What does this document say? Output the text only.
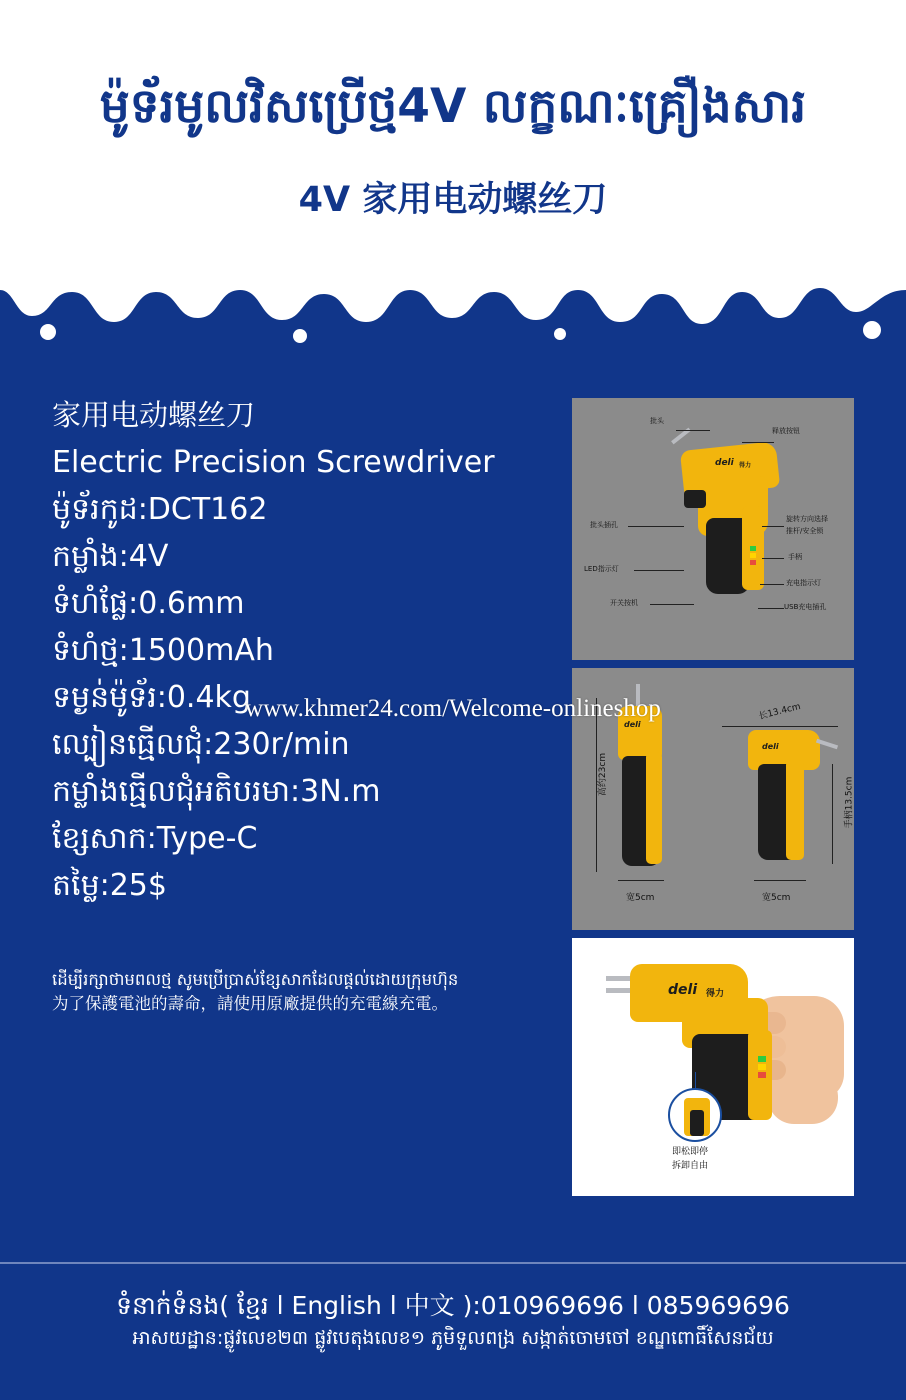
ម៉ូទ័រមូលវិសប្រើថ្ម4V លក្ខណៈគ្រឿងសារ
4V 家用电动螺丝刀
家用电动螺丝刀
Electric Precision Screwdriver
ម៉ូទ័រកូដ:DCT162
កម្លាំង:4V
ទំហំផ្លែ:0.6mm
ទំហំថ្ម:1500mAh
ទម្ងន់ម៉ូទ័រ:0.4kg
ល្បៀនធ្មេីលជុំ:230r/min
កម្លាំងធ្មេីលជុំអតិបរមា:3N.m
ខ្សែសាក:Type-C
តម្លៃ:25$
ដេីម្បីរក្សាថាមពលថ្ម សូមប្រើប្រាស់ខ្សែសាកដែលផ្តល់ដោយក្រុមហ៊ុន
为了保護電池的壽命，請使用原廠提供的充電線充電。
deli 得力
批头
释放按钮
旋转方向选择
推杆/安全锁
批头插孔
手柄
LED指示灯
充电指示灯
开关按机	USB充电插孔
deli
deli
长13.4cm
高约23cm
手柄13.5cm
宽5cm	宽5cm
deli 得力
即松即停
拆卸自由
www.khmer24.com/Welcome-onlineshop
ទំនាក់ទំនង( ខ្មែរ l English l 中文 ):010969696 l 085969696
អាសយដ្ឋាន:ផ្លូវលេខ២៣ ផ្លូវបេតុងលេខ១ ភូមិទួលពង្រ សង្កាត់ចោមចៅ ខណ្ឌពោធិ៍សែនជ័យ
